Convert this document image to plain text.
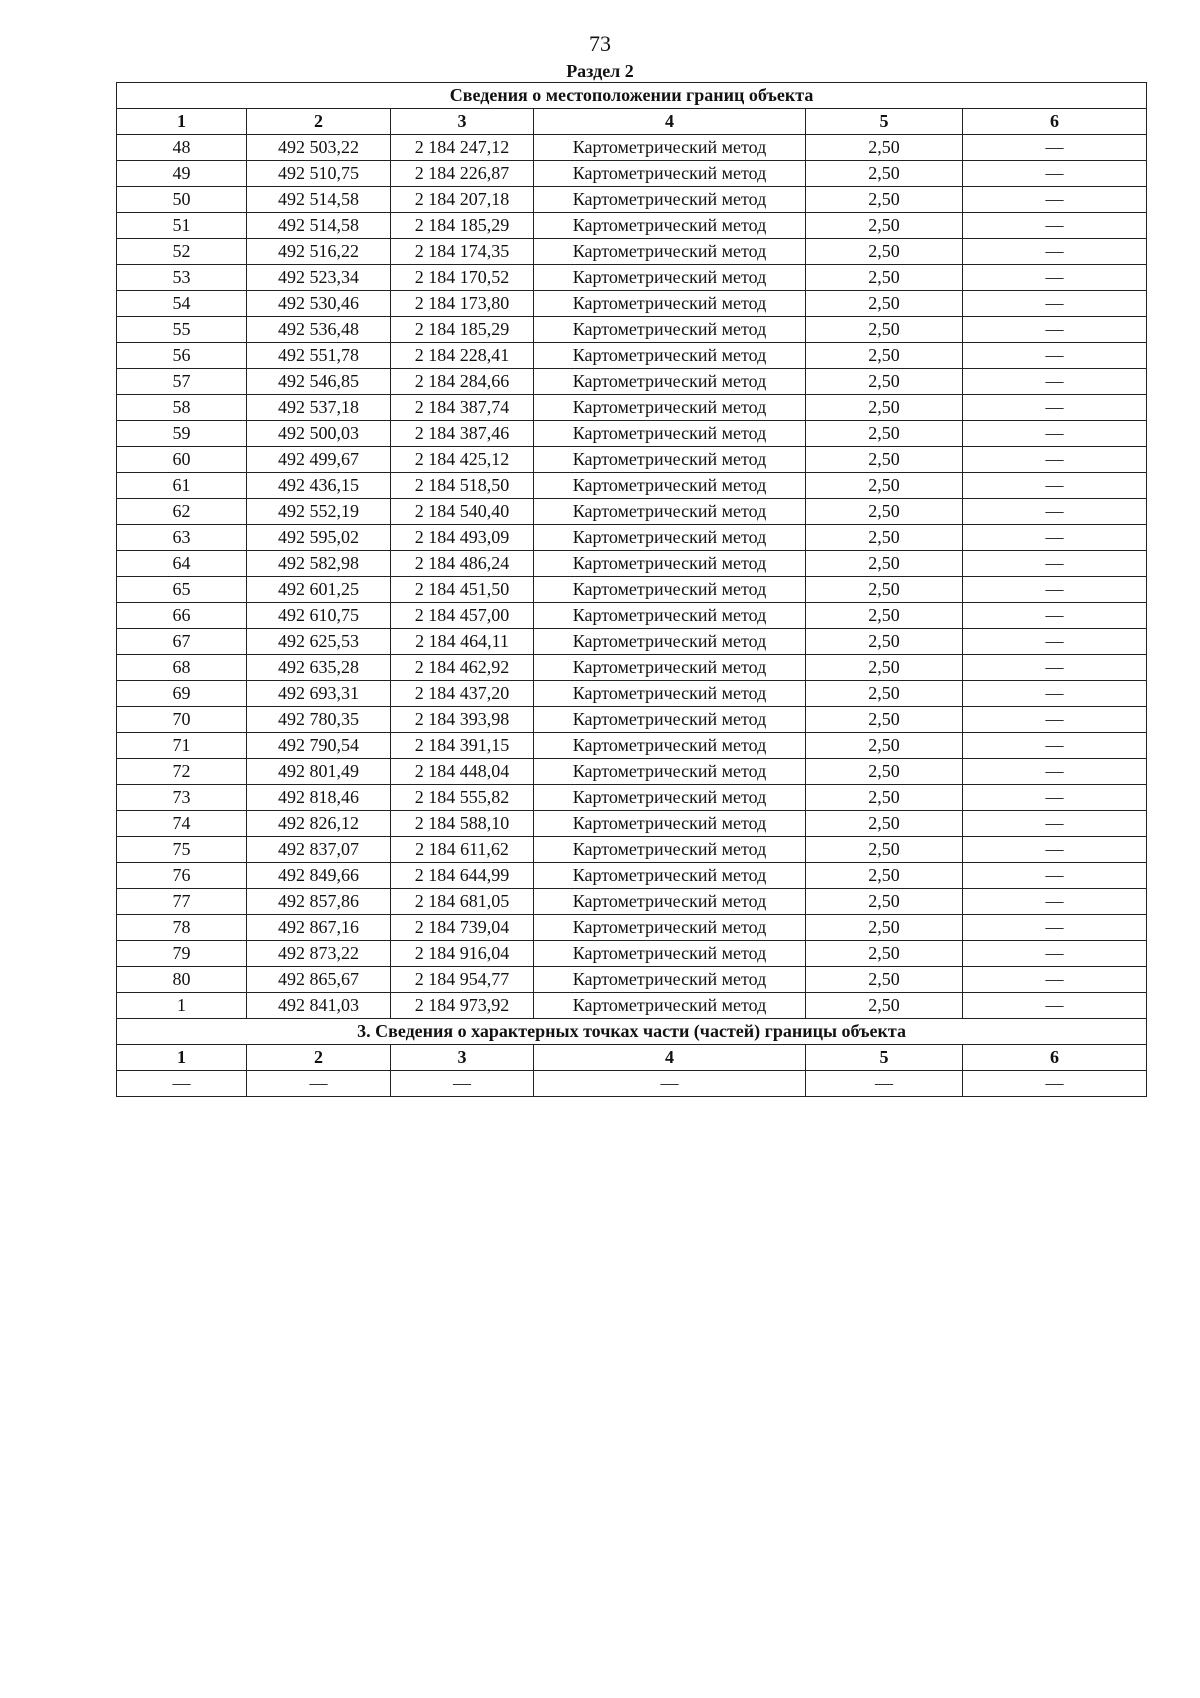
73
Раздел 2
Сведения о местоположении границ объекта					
1	2	3	4	5	6
48	492 503,22	2 184 247,12	Картометрический метод	2,50	—
49	492 510,75	2 184 226,87	Картометрический метод	2,50	—
50	492 514,58	2 184 207,18	Картометрический метод	2,50	—
51	492 514,58	2 184 185,29	Картометрический метод	2,50	—
52	492 516,22	2 184 174,35	Картометрический метод	2,50	—
53	492 523,34	2 184 170,52	Картометрический метод	2,50	—
54	492 530,46	2 184 173,80	Картометрический метод	2,50	—
55	492 536,48	2 184 185,29	Картометрический метод	2,50	—
56	492 551,78	2 184 228,41	Картометрический метод	2,50	—
57	492 546,85	2 184 284,66	Картометрический метод	2,50	—
58	492 537,18	2 184 387,74	Картометрический метод	2,50	—
59	492 500,03	2 184 387,46	Картометрический метод	2,50	—
60	492 499,67	2 184 425,12	Картометрический метод	2,50	—
61	492 436,15	2 184 518,50	Картометрический метод	2,50	—
62	492 552,19	2 184 540,40	Картометрический метод	2,50	—
63	492 595,02	2 184 493,09	Картометрический метод	2,50	—
64	492 582,98	2 184 486,24	Картометрический метод	2,50	—
65	492 601,25	2 184 451,50	Картометрический метод	2,50	—
66	492 610,75	2 184 457,00	Картометрический метод	2,50	—
67	492 625,53	2 184 464,11	Картометрический метод	2,50	—
68	492 635,28	2 184 462,92	Картометрический метод	2,50	—
69	492 693,31	2 184 437,20	Картометрический метод	2,50	—
70	492 780,35	2 184 393,98	Картометрический метод	2,50	—
71	492 790,54	2 184 391,15	Картометрический метод	2,50	—
72	492 801,49	2 184 448,04	Картометрический метод	2,50	—
73	492 818,46	2 184 555,82	Картометрический метод	2,50	—
74	492 826,12	2 184 588,10	Картометрический метод	2,50	—
75	492 837,07	2 184 611,62	Картометрический метод	2,50	—
76	492 849,66	2 184 644,99	Картометрический метод	2,50	—
77	492 857,86	2 184 681,05	Картометрический метод	2,50	—
78	492 867,16	2 184 739,04	Картометрический метод	2,50	—
79	492 873,22	2 184 916,04	Картометрический метод	2,50	—
80	492 865,67	2 184 954,77	Картометрический метод	2,50	—
1	492 841,03	2 184 973,92	Картометрический метод	2,50	—
3. Сведения о характерных точках части (частей) границы объекта					
1	2	3	4	5	6
—	—	—	—	—	—
